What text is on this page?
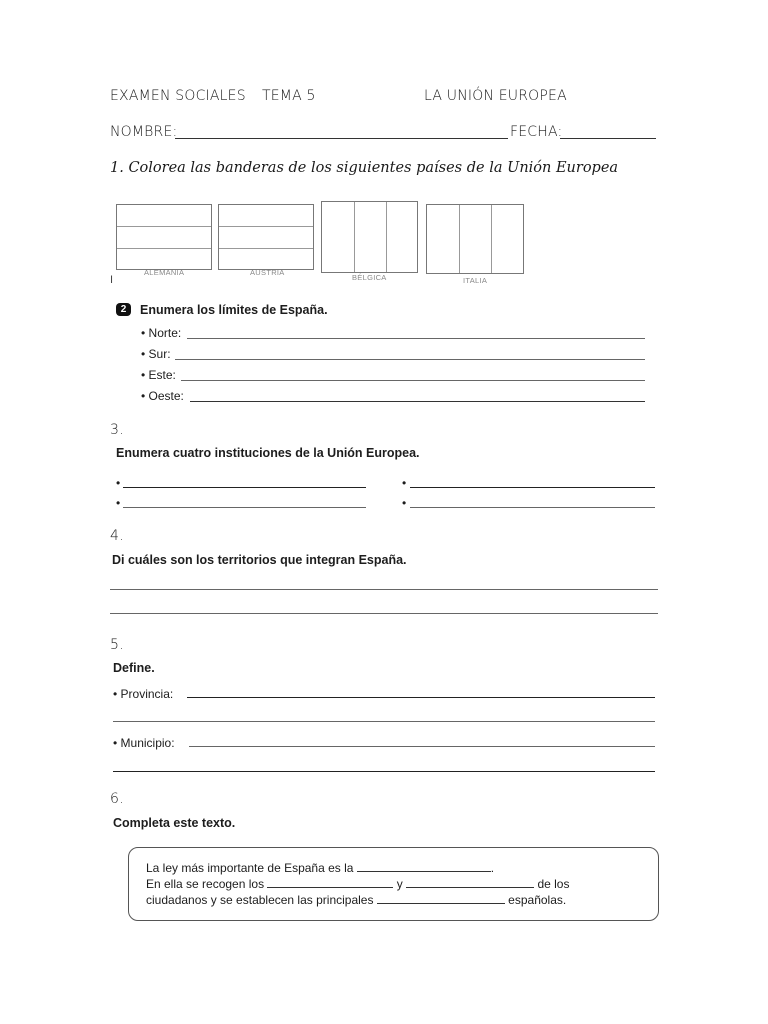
EXAMEN SOCIALES TEMA 5	LA UNIÓN EUROPEA
NOMBRE:	FECHA:
1. Colorea las banderas de los siguientes países de la Unión Europea
ALEMANIA	AUSTRIA
BÉLGICA	ITALIA
I
2	Enumera los límites de España.
• Norte:
• Sur:
• Este:
• Oeste:
3.
Enumera cuatro instituciones de la Unión Europea.
•	•
•	•
4.
Di cuáles son los territorios que integran España.
5.
Define.
• Provincia:
• Municipio:
6.
Completa este texto.
La ley más importante de España es la	.
En ella se recogen los	y	de los
ciudadanos y se establecen las principales	españolas.
